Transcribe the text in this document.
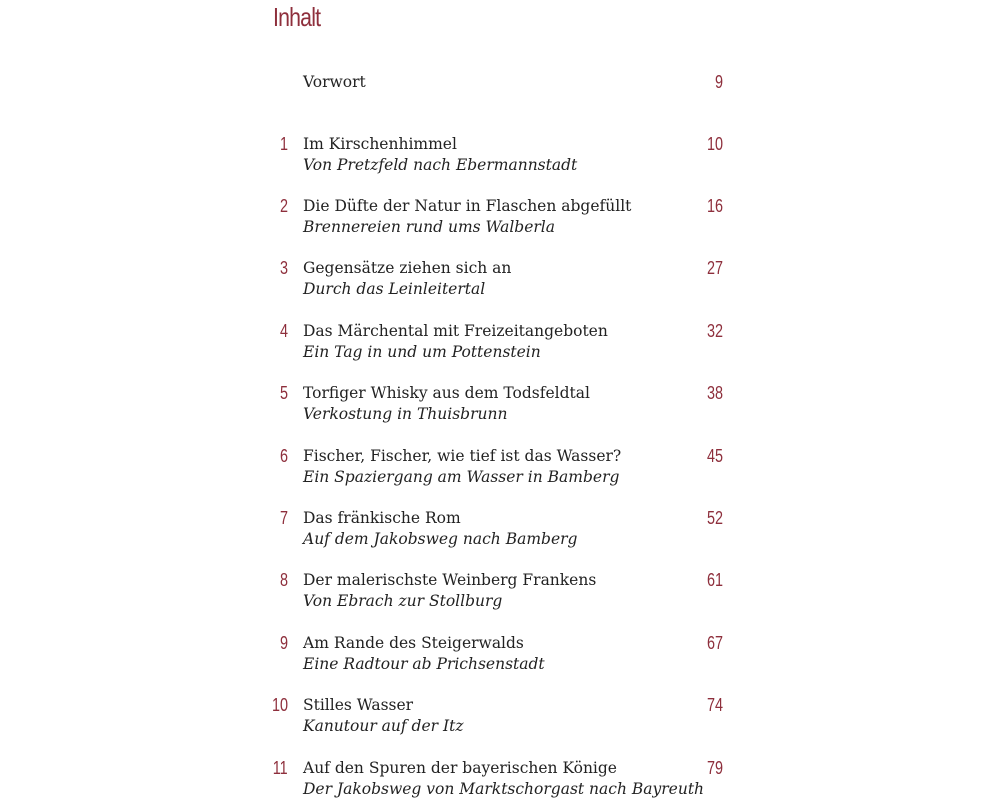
Inhalt
Vorwort	9
1 Im Kirschenhimmel
Von Pretzfeld nach Ebermannstadt
10
2 Die Düfte der Natur in Flaschen abgefüllt
Brennereien rund ums Walberla
16
3 Gegensätze ziehen sich an
Durch das Leinleitertal
27
4 Das Märchental mit Freizeitangeboten
Ein Tag in und um Pottenstein
32
5 Torfiger Whisky aus dem Todsfeldtal
Verkostung in Thuisbrunn
38
6 Fischer, Fischer, wie tief ist das Wasser?
Ein Spaziergang am Wasser in Bamberg
45
7 Das fränkische Rom
Auf dem Jakobsweg nach Bamberg
52
8 Der malerischste Weinberg Frankens
Von Ebrach zur Stollburg
61
9 Am Rande des Steigerwalds
Eine Radtour ab Prichsenstadt
67
10 Stilles Wasser
Kanutour auf der Itz
74
11 Auf den Spuren der bayerischen Könige
Der Jakobsweg von Marktschorgast nach Bayreuth
79
